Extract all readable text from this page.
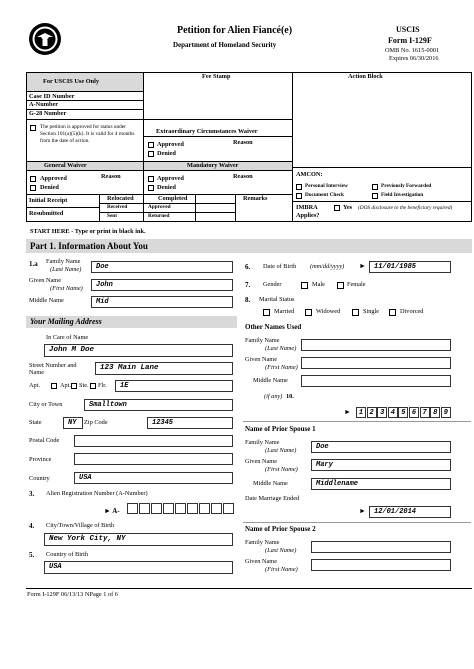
Petition for Alien Fiancé(e)
Department of Homeland Security
USCIS
Form I-129F
OMB No. 1615-0001
Expires 06/30/2016
For USCIS Use Only
Fee Stamp	Action Block
Case ID Number
A-Number
G-28 Number
The petition is approved for status under Section 101(a)(5)(k). It is valid for 4 months from the date of action.
Extraordinary Circumstances Waiver
Approved	Reason
Denied
General Waiver	Mandatory Waiver
Approved	Reason
Denied
Approved	Reason
Denied
Initial Receipt
Resubmitted
Relocated	Completed	Remarks
Received	Approved
Sent	Returned
AMCON:
Personal Interview	Previously Forwarded
Document Check	Field Investigation
IMBRA Applies?
Yes (DOS disclosure to the beneficiary required)
START HERE - Type or print in black ink.
Part 1. Information About You
1.a Family Name
(Last Name)	Doe
Given Name
(First Name)	John
Middle Name	Mid
Your Mailing Address
In Care of Name
John M Doe
Street Number and Name
123 Main Lane
Apt.	Apt. Ste. Flr.	1E
City or Town	Smalltown
State	NY	Zip Code	12345
Postal Code
Province
Country	USA
3. Alien Registration Number (A-Number)
► A-
4. City/Town/Village of Birth
New York City, NY
5. Country of Birth
USA
6. Date of Birth (mm/dd/yyyy) ►	11/01/1985
7. Gender	Male	Female
8. Marital Status
Married	Widowed	Single	Divorced
Other Names Used
Family Name
(Last Name)
Given Name
(First Name)
Middle Name
(if any) 10.
►	1 2 3 4 5 6 7 8 9
Name of Prior Spouse 1
Family Name
(Last Name)	Doe
Given Name
(First Name)
Mary
Middle Name	Middlename
Date Marriage Ended
►	12/01/2014
Name of Prior Spouse 2
Family Name
(Last Name)
Given Name
(First Name)
Form I-129F 06/13/13 NPage 1 of 6
